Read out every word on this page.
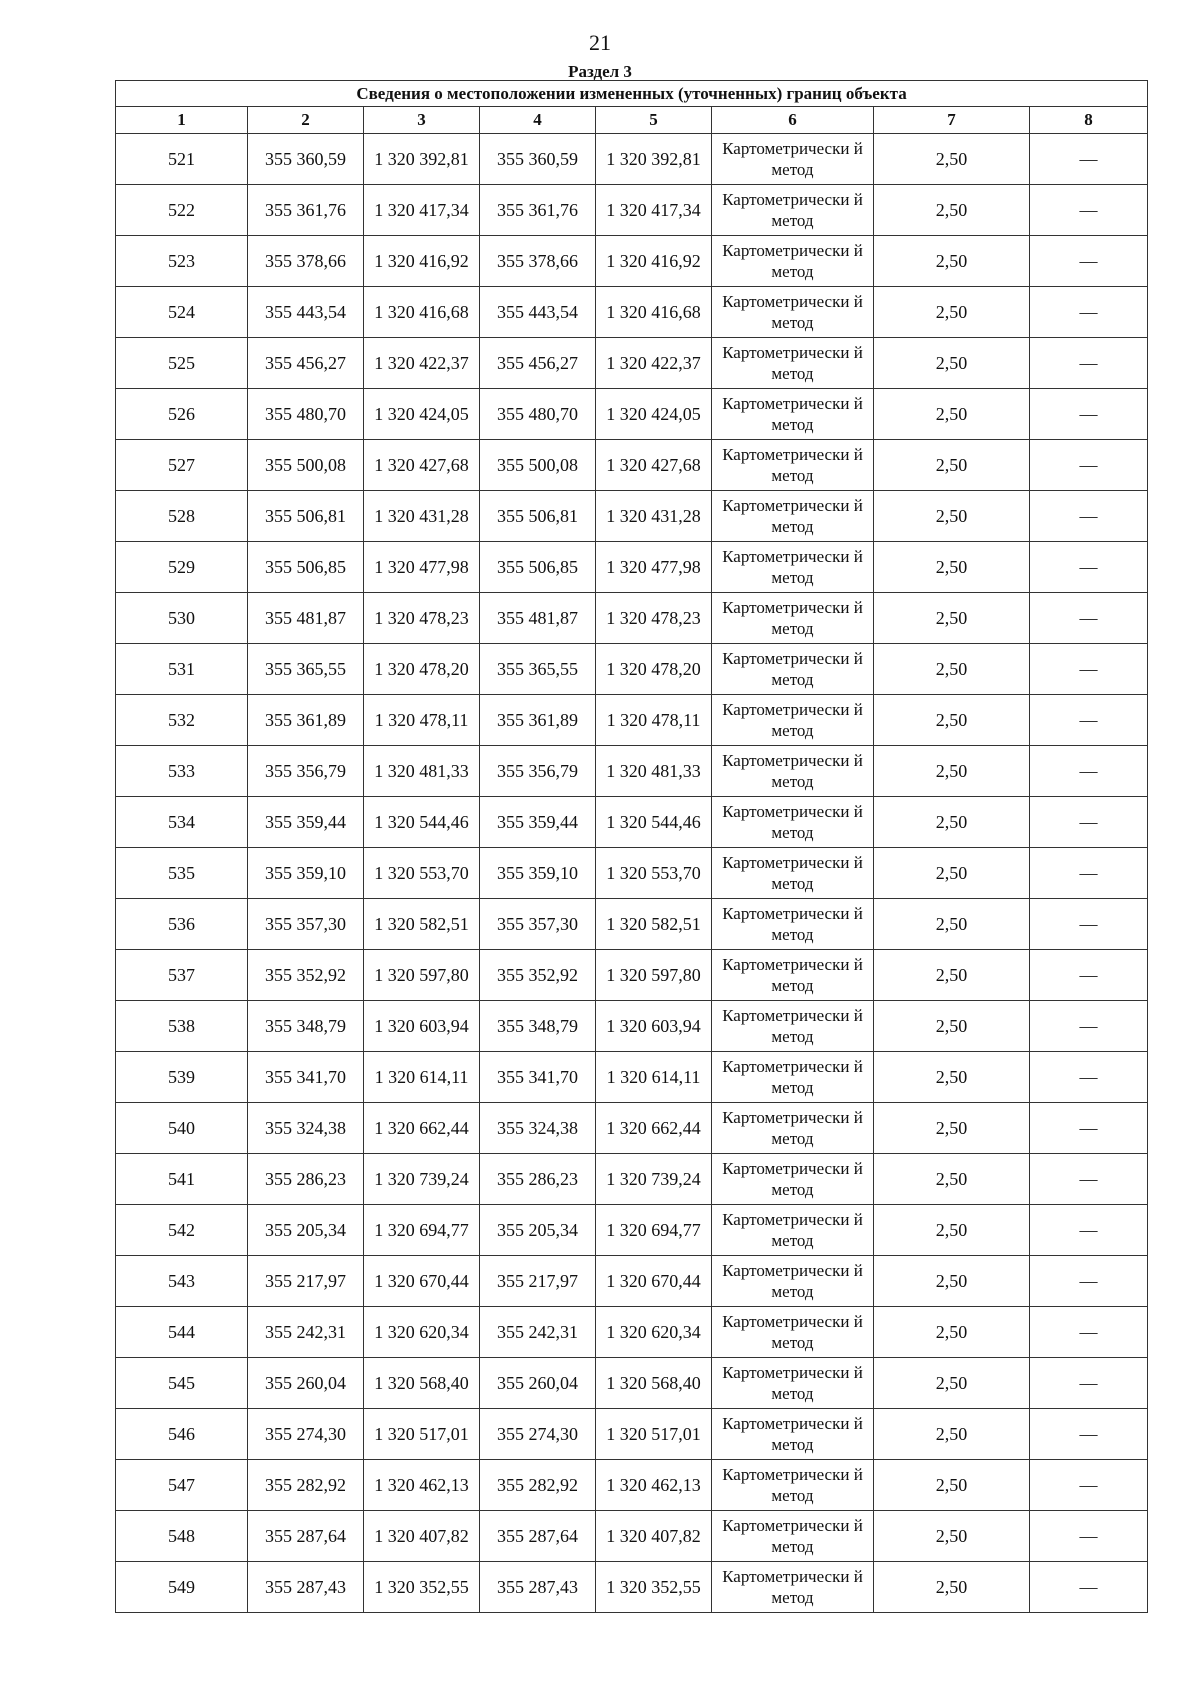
21
Раздел 3
Сведения о местоположении измененных (уточненных) границ объекта							
1	2	3	4	5	6	7	8
521	355 360,59	1 320 392,81	355 360,59	1 320 392,81	Картометрически й метод	2,50	—
522	355 361,76	1 320 417,34	355 361,76	1 320 417,34	Картометрически й метод	2,50	—
523	355 378,66	1 320 416,92	355 378,66	1 320 416,92	Картометрически й метод	2,50	—
524	355 443,54	1 320 416,68	355 443,54	1 320 416,68	Картометрически й метод	2,50	—
525	355 456,27	1 320 422,37	355 456,27	1 320 422,37	Картометрически й метод	2,50	—
526	355 480,70	1 320 424,05	355 480,70	1 320 424,05	Картометрически й метод	2,50	—
527	355 500,08	1 320 427,68	355 500,08	1 320 427,68	Картометрически й метод	2,50	—
528	355 506,81	1 320 431,28	355 506,81	1 320 431,28	Картометрически й метод	2,50	—
529	355 506,85	1 320 477,98	355 506,85	1 320 477,98	Картометрически й метод	2,50	—
530	355 481,87	1 320 478,23	355 481,87	1 320 478,23	Картометрически й метод	2,50	—
531	355 365,55	1 320 478,20	355 365,55	1 320 478,20	Картометрически й метод	2,50	—
532	355 361,89	1 320 478,11	355 361,89	1 320 478,11	Картометрически й метод	2,50	—
533	355 356,79	1 320 481,33	355 356,79	1 320 481,33	Картометрически й метод	2,50	—
534	355 359,44	1 320 544,46	355 359,44	1 320 544,46	Картометрически й метод	2,50	—
535	355 359,10	1 320 553,70	355 359,10	1 320 553,70	Картометрически й метод	2,50	—
536	355 357,30	1 320 582,51	355 357,30	1 320 582,51	Картометрически й метод	2,50	—
537	355 352,92	1 320 597,80	355 352,92	1 320 597,80	Картометрически й метод	2,50	—
538	355 348,79	1 320 603,94	355 348,79	1 320 603,94	Картометрически й метод	2,50	—
539	355 341,70	1 320 614,11	355 341,70	1 320 614,11	Картометрически й метод	2,50	—
540	355 324,38	1 320 662,44	355 324,38	1 320 662,44	Картометрически й метод	2,50	—
541	355 286,23	1 320 739,24	355 286,23	1 320 739,24	Картометрически й метод	2,50	—
542	355 205,34	1 320 694,77	355 205,34	1 320 694,77	Картометрически й метод	2,50	—
543	355 217,97	1 320 670,44	355 217,97	1 320 670,44	Картометрически й метод	2,50	—
544	355 242,31	1 320 620,34	355 242,31	1 320 620,34	Картометрически й метод	2,50	—
545	355 260,04	1 320 568,40	355 260,04	1 320 568,40	Картометрически й метод	2,50	—
546	355 274,30	1 320 517,01	355 274,30	1 320 517,01	Картометрически й метод	2,50	—
547	355 282,92	1 320 462,13	355 282,92	1 320 462,13	Картометрически й метод	2,50	—
548	355 287,64	1 320 407,82	355 287,64	1 320 407,82	Картометрически й метод	2,50	—
549	355 287,43	1 320 352,55	355 287,43	1 320 352,55	Картометрически й метод	2,50	—
